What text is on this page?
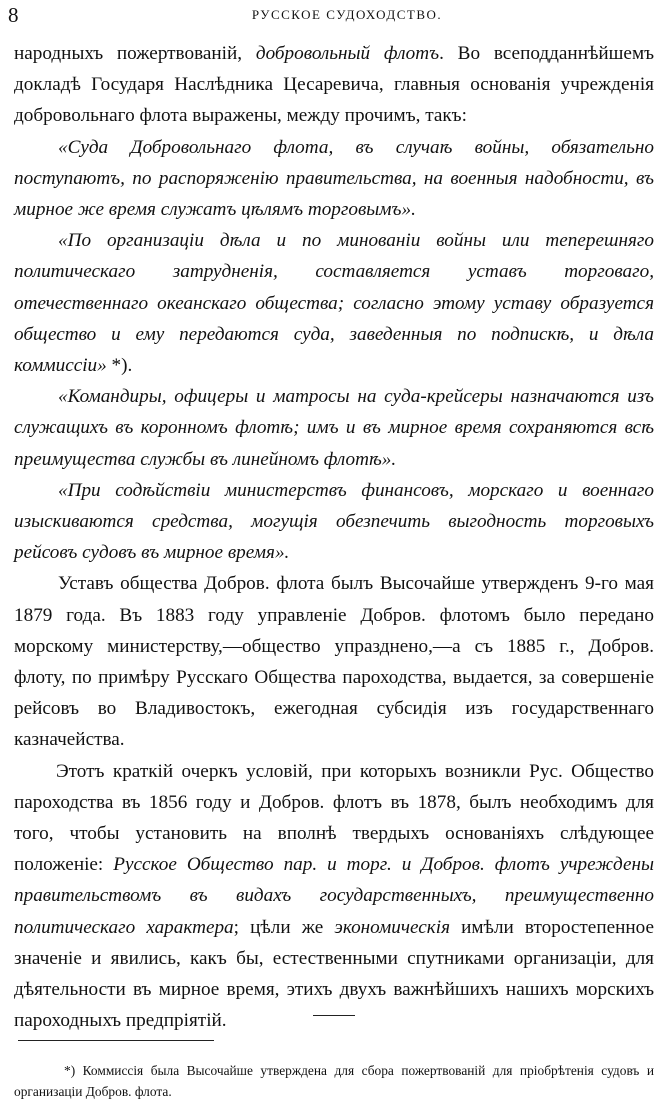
8	РУССКОЕ СУДОХОДСТВО.

народныхъ пожертвованій, добровольный флотъ. Во всеподданнѣйшемъ докладѣ Государя Наслѣдника Цесаревича, главныя основанія учрежденія добровольнаго флота выражены, между прочимъ, такъ:

«Суда Добровольнаго флота, въ случаѣ войны, обязательно поступаютъ, по распоряженію правительства, на военныя надобности, въ мирное же время служатъ цѣлямъ торговымъ».

«По организаціи дѣла и по минованіи войны или теперешняго политическаго затрудненія, составляется уставъ торговаго, отечественнаго океанскаго общества; согласно этому уставу образуется общество и ему передаются суда, заведенныя по подпискѣ, и дѣла коммиссіи» *).

«Командиры, офицеры и матросы на суда-крейсеры назначаются изъ служащихъ въ коронномъ флотѣ; имъ и въ мирное время сохраняются всѣ преимущества службы въ линейномъ флотѣ».

«При содѣйствіи министерствъ финансовъ, морскаго и военнаго изыскиваются средства, могущія обезпечить выгодность торговыхъ рейсовъ судовъ въ мирное время».

Уставъ общества Добров. флота былъ Высочайше утвержденъ 9-го мая 1879 года. Въ 1883 году управленіе Добров. флотомъ было передано морскому министерству,—общество упразднено,—а съ 1885 г., Добров. флоту, по примѣру Русскаго Общества пароходства, выдается, за совершеніе рейсовъ во Владивостокъ, ежегодная субсидія изъ государственнаго казначейства.

Этотъ краткій очеркъ условій, при которыхъ возникли Рус. Общество пароходства въ 1856 году и Добров. флотъ въ 1878, былъ необходимъ для того, чтобы установить на вполнѣ твердыхъ основаніяхъ слѣдующее положеніе: Русское Общество пар. и торг. и Добров. флотъ учреждены правительствомъ въ видахъ государственныхъ, преимущественно политическаго характера; цѣли же экономическія имѣли второстепенное значеніе и явились, какъ бы, естественными спутниками организаціи, для дѣятельности въ мирное время, этихъ двухъ важнѣйшихъ нашихъ морскихъ пароходныхъ предпріятій.

*) Коммиссія была Высочайше утверждена для сбора пожертвованій для пріобрѣтенія судовъ и организаціи Добров. флота.
